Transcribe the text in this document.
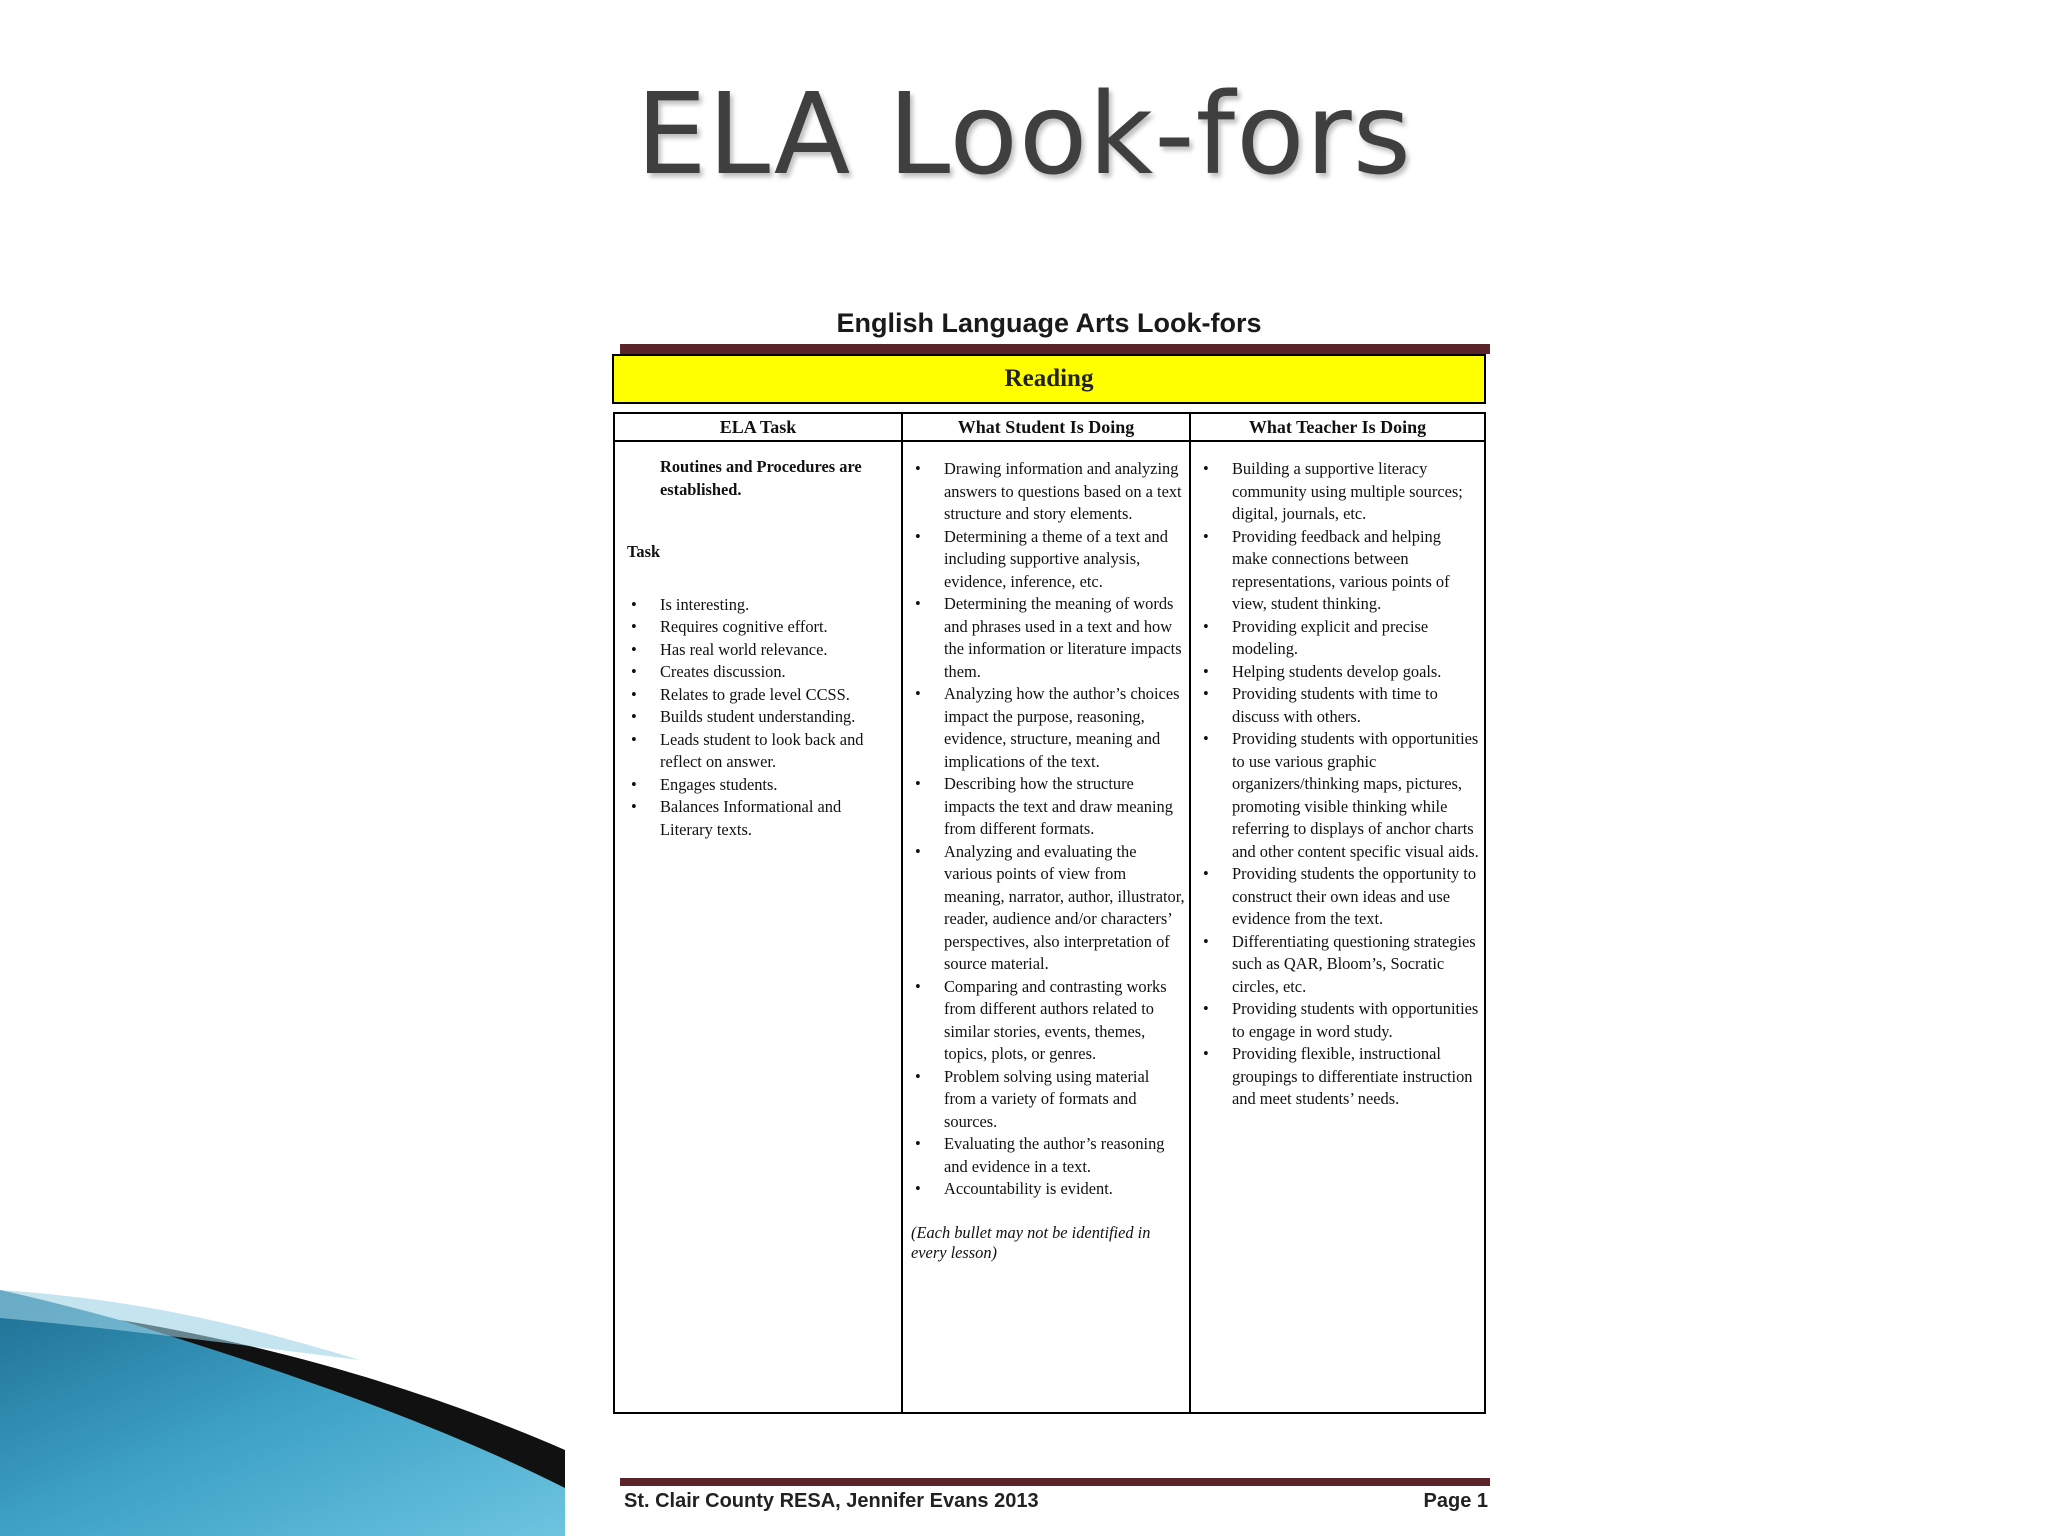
ELA Look-fors
English Language Arts Look-fors
Reading
ELA Task
Routines and Procedures are established.
Task
• Is interesting.
• Requires cognitive effort.
• Has real world relevance.
• Creates discussion.
• Relates to grade level CCSS.
• Builds student understanding.
• Leads student to look back and reflect on answer.
• Engages students.
• Balances Informational and Literary texts.
What Student Is Doing
• Drawing information and analyzing answers to questions based on a text structure and story elements.
• Determining a theme of a text and including supportive analysis, evidence, inference, etc.
• Determining the meaning of words and phrases used in a text and how the information or literature impacts them.
• Analyzing how the author’s choices impact the purpose, reasoning, evidence, structure, meaning and implications of the text.
• Describing how the structure impacts the text and draw meaning from different formats.
• Analyzing and evaluating the various points of view from meaning, narrator, author, illustrator, reader, audience and/or characters’ perspectives, also interpretation of source material.
• Comparing and contrasting works from different authors related to similar stories, events, themes, topics, plots, or genres.
• Problem solving using material from a variety of formats and sources.
• Evaluating the author’s reasoning and evidence in a text.
• Accountability is evident.
(Each bullet may not be identified in every lesson)
What Teacher Is Doing
• Building a supportive literacy community using multiple sources; digital, journals, etc.
• Providing feedback and helping make connections between representations, various points of view, student thinking.
• Providing explicit and precise modeling.
• Helping students develop goals.
• Providing students with time to discuss with others.
• Providing students with opportunities to use various graphic organizers/thinking maps, pictures, promoting visible thinking while referring to displays of anchor charts and other content specific visual aids.
• Providing students the opportunity to construct their own ideas and use evidence from the text.
• Differentiating questioning strategies such as QAR, Bloom’s, Socratic circles, etc.
• Providing students with opportunities to engage in word study.
• Providing flexible, instructional groupings to differentiate instruction and meet students’ needs.
St. Clair County RESA, Jennifer Evans 2013	Page 1
